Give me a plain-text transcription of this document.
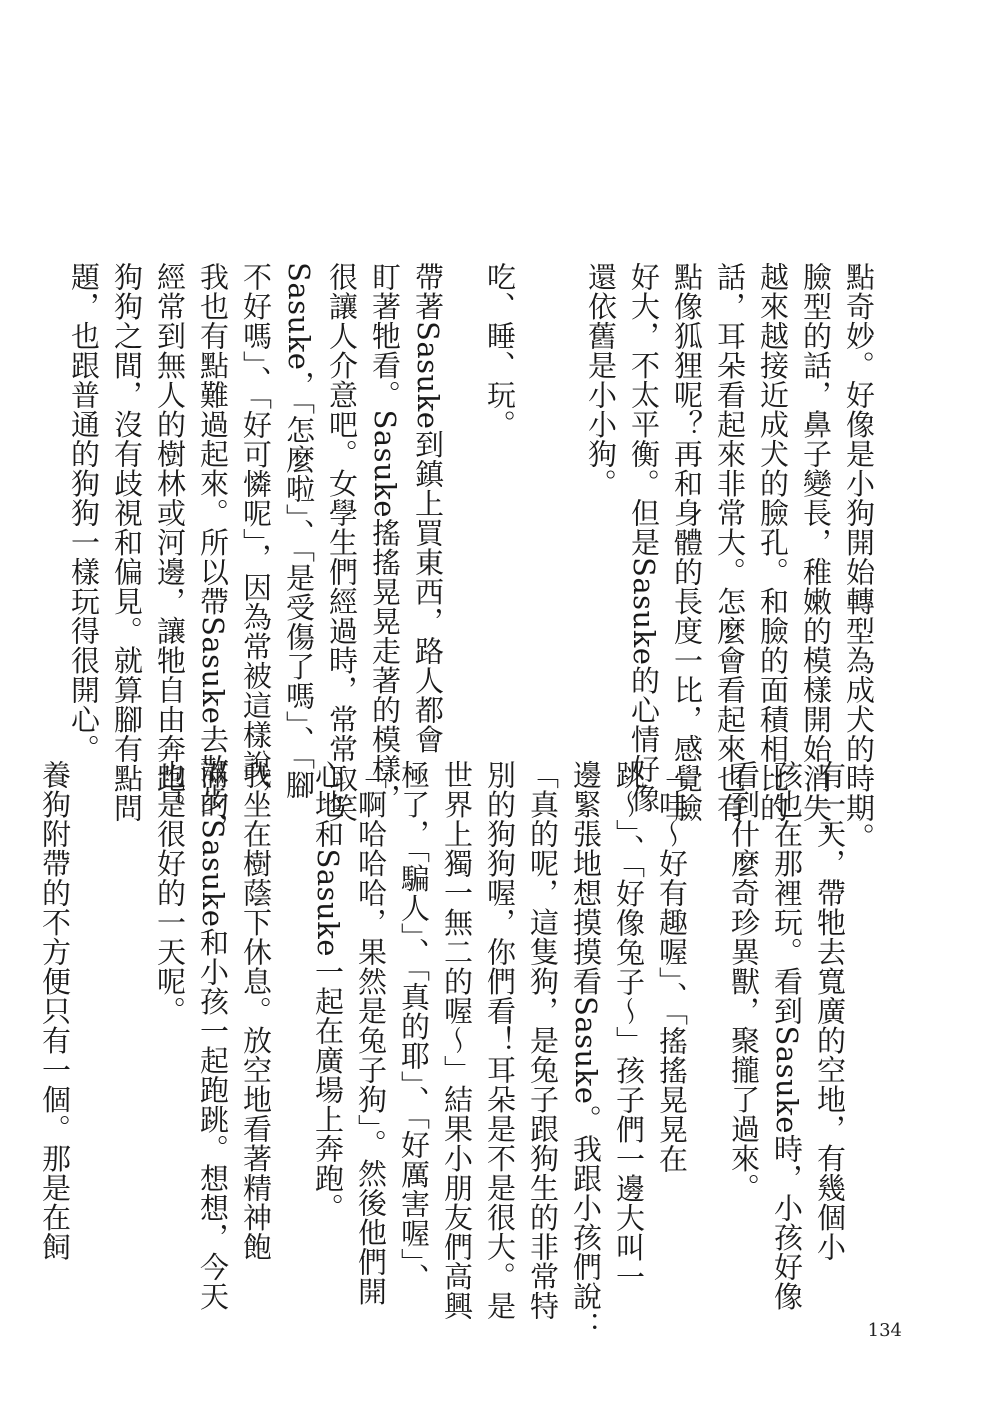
點奇妙。好像是小狗開始轉型為成犬的時期。
臉型的話，鼻子變長，稚嫩的模樣開始消失，
越來越接近成犬的臉孔。和臉的面積相比的
話，耳朵看起來非常大。怎麼會看起來也有
點像狐狸呢？再和身體的長度一比，感覺臉
好大，不太平衡。但是Sasuke的心情好像
還依舊是小小狗。
吃、睡、玩。
帶著Sasuke到鎮上買東西，路人都會
盯著牠看。Sasuke搖搖晃晃走著的模樣，
很讓人介意吧。女學生們經過時，常常取笑
Sasuke，「怎麼啦」、「是受傷了嗎」、「腳
不好嗎」、「好可憐呢」，因為常被這樣說，
我也有點難過起來。所以帶Sasuke去散步，
經常到無人的樹林或河邊，讓牠自由奔跑。
狗狗之間，沒有歧視和偏見。就算腳有點問
題，也跟普通的狗狗一樣玩得很開心。
有一天，帶牠去寬廣的空地，有幾個小
孩也在那裡玩。看到Sasuke時，小孩好像
看到什麼奇珍異獸，聚攏了過來。
「哇～好有趣喔」、「搖搖晃晃在
跳～」、「好像兔子～」孩子們一邊大叫一
邊緊張地想摸摸看Sasuke。我跟小孩們說：
「真的呢，這隻狗，是兔子跟狗生的非常特
別的狗狗喔，你們看！耳朵是不是很大。是
世界上獨一無二的喔～」結果小朋友們高興
極了，「騙人」、「真的耶」、「好厲害喔」、
「啊哈哈哈，果然是兔子狗」。然後他們開
心地和Sasuke一起在廣場上奔跑。
我坐在樹蔭下休息。放空地看著精神飽
滿的Sasuke和小孩一起跑跳。想想，今天
也是很好的一天呢。

養狗附帶的不方便只有一個。那是在飼
134
